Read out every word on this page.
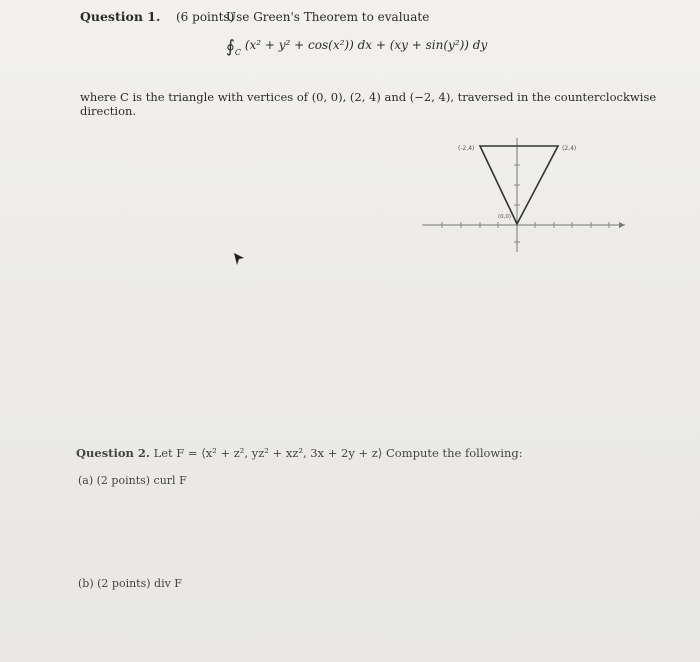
Question 1. (6 points)
Use Green's Theorem to evaluate
$∮_C$ (x² + y² + cos(x²)) dx + (xy + sin(y²)) dy
where C is the triangle with vertices of (0, 0), (2, 4) and (−2, 4), traversed in the counterclockwise
direction.
(-2,4)	(2,4)
(0,0)
Question 2. Let F = ⟨x² + z², yz² + xz², 3x + 2y + z⟩ Compute the following:
(a) (2 points) curl F
(b) (2 points) div F
